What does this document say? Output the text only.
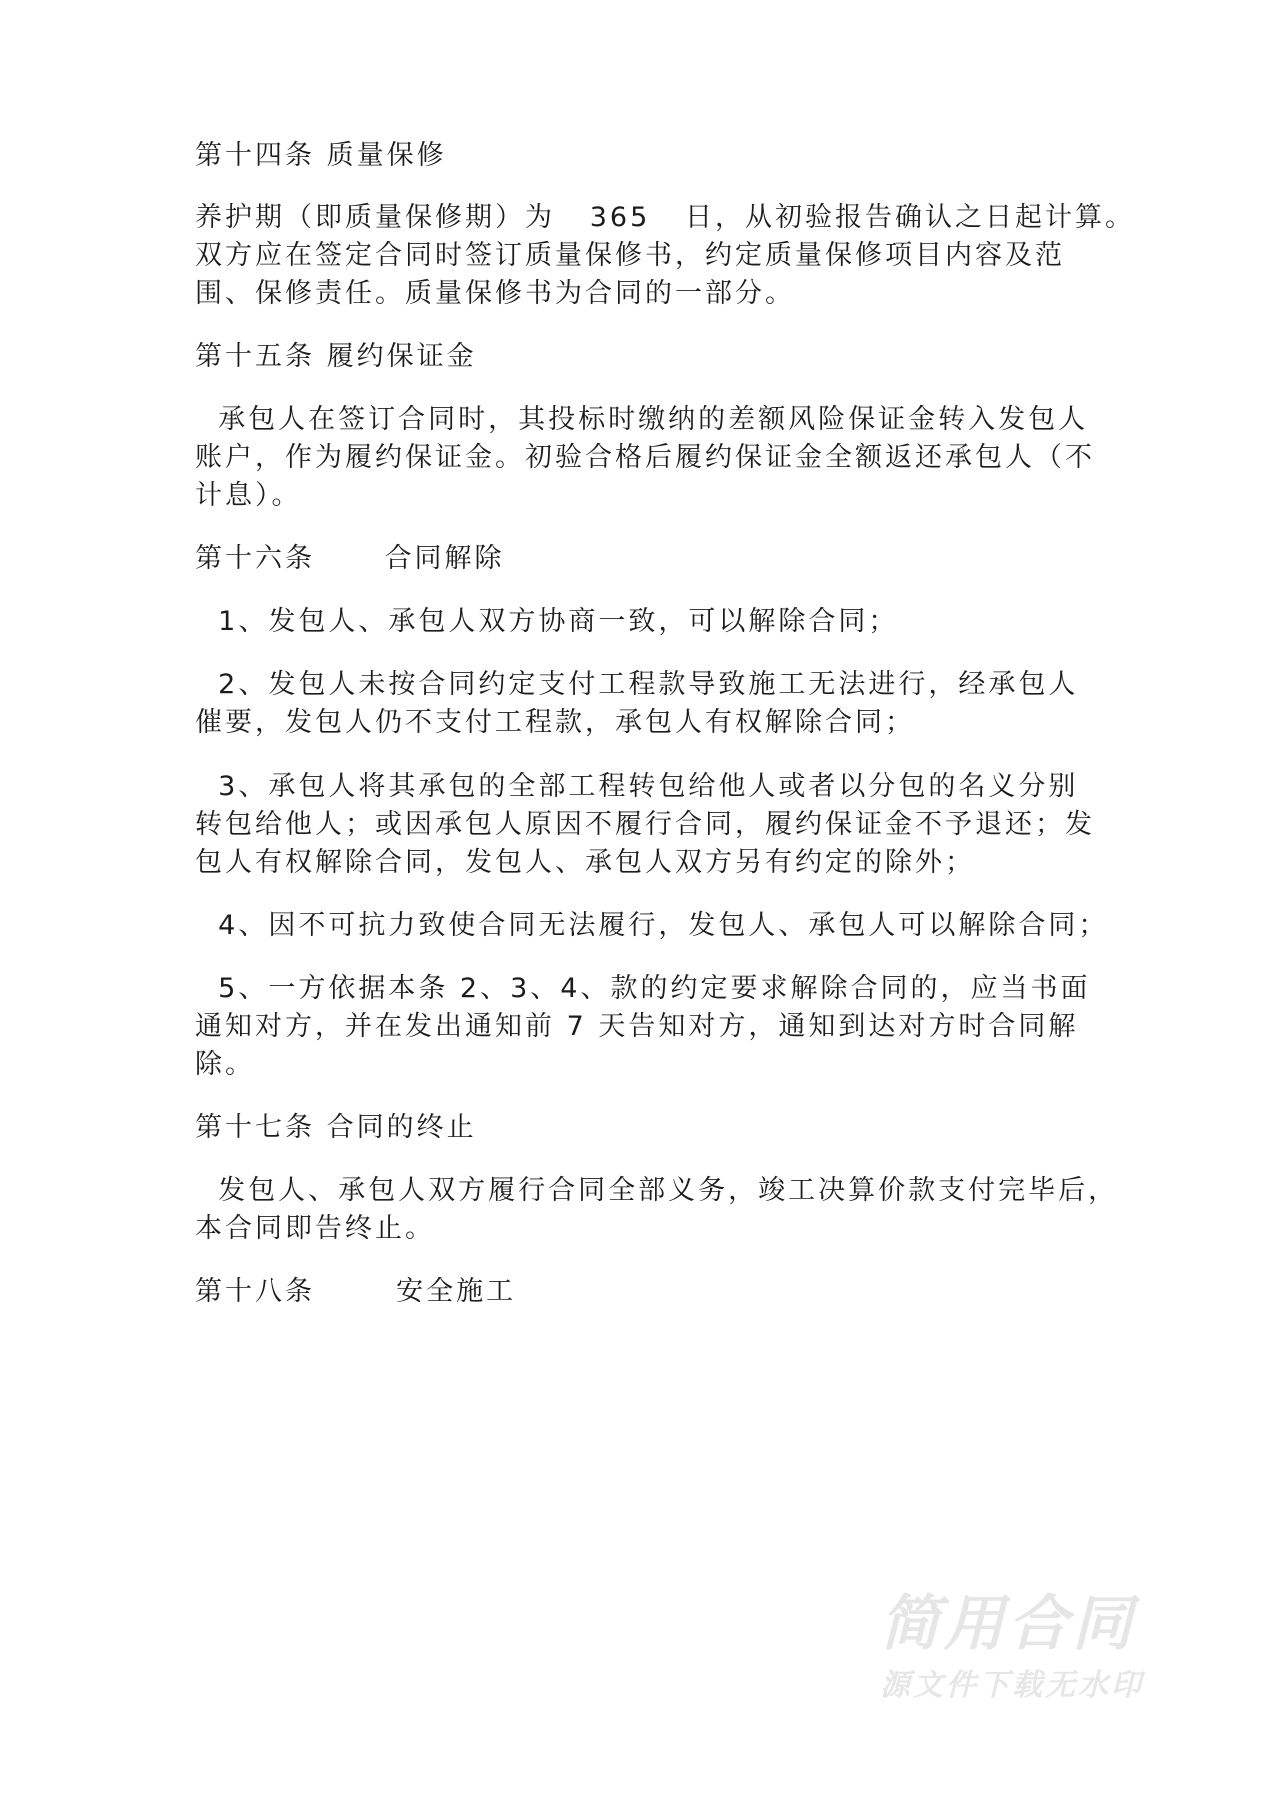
第十四条 质量保修
养护期（即质量保修期）为   365   日，从初验报告确认之日起计算。
双方应在签定合同时签订质量保修书，约定质量保修项目内容及范
围、保修责任。质量保修书为合同的一部分。
第十五条 履约保证金
承包人在签订合同时，其投标时缴纳的差额风险保证金转入发包人
账户，作为履约保证金。初验合格后履约保证金全额返还承包人（不
计息）。
第十六条      合同解除
1、发包人、承包人双方协商一致，可以解除合同；
2、发包人未按合同约定支付工程款导致施工无法进行，经承包人
催要，发包人仍不支付工程款，承包人有权解除合同；
3、承包人将其承包的全部工程转包给他人或者以分包的名义分别
转包给他人；或因承包人原因不履行合同，履约保证金不予退还；发
包人有权解除合同，发包人、承包人双方另有约定的除外；
4、因不可抗力致使合同无法履行，发包人、承包人可以解除合同；
5、一方依据本条 2、3、4、款的约定要求解除合同的，应当书面
通知对方，并在发出通知前 7 天告知对方，通知到达对方时合同解
除。
第十七条 合同的终止
发包人、承包人双方履行合同全部义务，竣工决算价款支付完毕后，
本合同即告终止。
第十八条       安全施工
简用合同
源文件下载无水印
